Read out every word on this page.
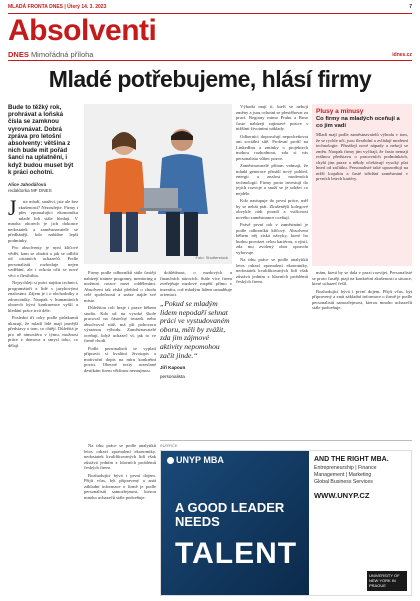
MLADÁ FRONTA DNES | Úterý 14. 3. 2023	7
Absolventi
DNES Mimořádná příloha	idnes.cz
Mladé potřebujeme, hlásí firmy
Bude to těžký rok, prohrávat a loňská čísla se zamknou vyrovnávat. Dobrá zpráva pro letošní absolventy: většina z nich bude mít pořád šanci na uplatnění, i když budou muset být k práci ochotni.
Alice Jahodářová
redaktorka MF DNES
J	ste mladí, snaživí, jste ale bez zkušeností? Nezoufejte. Firmy i přes zpomalující ekonomiku mladé lidi stále hledají. V mnoha oborech je jich dokonce nedostatek a zaměstnavatelé se předhánějí, kdo nabídne lepší podmínky.

Pro absolventy je nyní klíčové vědět, kam se obrátit a jak se odlišit od ostatních uchazečů. Podle personalistů rozhoduje nejen vzdělání, ale i ochota učit se nové věci a flexibilita.

Nejrychleji si práci najdou technici, programátoři a lidé s jazykovými znalostmi. Zájem je i o obchodníky a zdravotníky. Naopak v humanitních oborech bývá konkurence vyšší a hledání práce trvá déle.

Poslední tři roky podle průzkumů ukazují, že mladí lidé mají jasnější představy o tom, co chtějí. Důležitá je pro ně atmosféra v týmu, možnost práce z domova a smysl toho, co dělají.

Foto: Shutterstock

Firmy podle odborníků stále častěji nabízejí trainee programy, mentoring a možnost rotace mezi odděleními. Absolvent tak získá přehled o chodu celé společnosti a snáze najde své místo.

Důležitou roli hraje i praxe během studia. Kdo už na vysoké škole pracoval na částečný úvazek nebo absolvoval stáž, má při pohovoru výraznou výhodu. Zaměstnavatelé oceňují, když uchazeč ví, jak to ve firmě chodí.

Podle personalistů se vyplatí připravit si kvalitní životopis a motivační dopis na míru konkrétní pozici. Obecné texty rozeslané desítkám firem většinou nezaujmou.

dohlédnout, o mzdových a finančních nárocích. Stále více firem zveřejňuje mzdové rozpětí přímo v inzerátu, což mladým lidem usnadňuje orientaci.

„Pokud se mladým lidem nepodaří sehnat práci ve vystudovaném oboru, měli by zvážit, zda jim zájmové aktivity nepomohou začít jinde.“
Jiří Kapoun
personalista

Výhodu mají ti, kteří se nebojí změny a jsou ochotni se přestěhovat za prací. Regiony mimo Prahu a Brno často nabízejí zajímavé pozice s nižšími životními náklady.

Odborníci doporučují nepodceňovat ani sociální sítě. Profesní profil na LinkedInu a zmínky o projektech mohou rozhodnout, zda si vás personalista vůbec pozve.

Zaměstnavatelé přitom vnímají, že mladá generace přináší nový pohled, energii a znalost moderních technologií. Firmy proto investují do jejich rozvoje a snaží se je udržet co nejdéle.

Kdo nastupuje do první práce, měl by se nebát ptát. Zkušenější kolegové obvykle rádi poradí a vstřícnost nového zaměstnance oceňují.

Právě první rok v zaměstnání je podle odborníků klíčový. Absolvent během něj získá návyky, které ho budou provázet celou kariérou, a zjistí, zda mu zvolený obor opravdu vyhovuje.

Na trhu práce se podle analytiků letos odrazí zpomalení ekonomiky, nedostatek kvalifikovaných lidí však zůstává jedním z hlavních problémů českých firem.

Plusy a minusy
Co firmy na mladých oceňují a co jim vadí
Mladí mají podle zaměstnavatelů výhodu v tom, že se rychle učí, jsou flexibilní a zvládají moderní technologie. Přinášejí nové nápady a nebojí se změn. Naopak firmy jim vyčítají, že často nemají reálnou představu o pracovních podmínkách, chybí jim praxe a někdy očekávají vysoký plat hned od začátku. Personalisté také upozorňují na nižší loajalitu a časté střídání zaměstnání v prvních letech kariéry.

mám, která by se dala v praxi rozvíjet. Personalisté se proto častěji ptají na konkrétní zkušenosti a situace, které uchazeč řešil.

Rozhodující bývá i první dojem. Přijít včas, být připravený a znát základní informace o firmě je podle personalistů samozřejmost, kterou mnoho uchazečů stále podceňuje.

INZERCE

Na trhu práce se podle analytiků letos odrazí zpomalení ekonomiky, nedostatek kvalifikovaných lidí však zůstává jedním z hlavních problémů českých firem.

Rozhodující bývá i první dojem. Přijít včas, být připravený a znát základní informace o firmě je podle personalistů samozřejmost, kterou mnoho uchazečů stále podceňuje.

UNYP MBA
A GOOD LEADER NEEDS
TALENT
AND THE RIGHT MBA.
Entrepreneurship | Finance
Management | Marketing
Global Business Services
WWW.UNYP.CZ
UNIVERSITY OF NEW YORK IN PRAGUE
